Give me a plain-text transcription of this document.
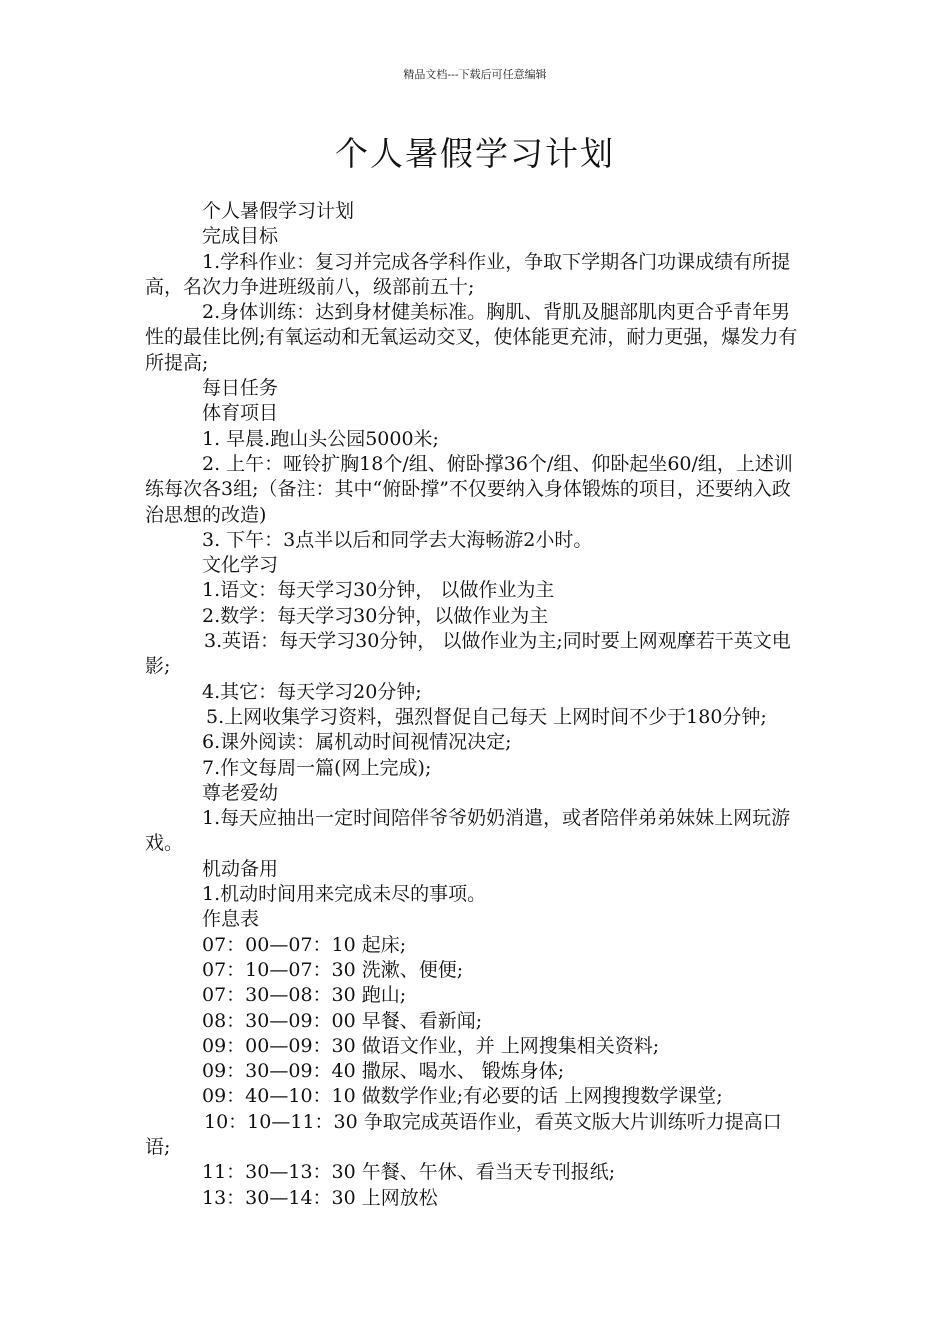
精品文档---下载后可任意编辑
个人暑假学习计划

个人暑假学习计划

完成目标

1.学科作业：复习并完成各学科作业，争取下学期各门功课成绩有所提高，名次力争进班级前八，级部前五十;

2.身体训练：达到身材健美标准。胸肌、背肌及腿部肌肉更合乎青年男性的最佳比例;有氧运动和无氧运动交叉，使体能更充沛，耐力更强，爆发力有所提高;

每日任务

体育项目

1. 早晨.跑山头公园5000米;

2. 上午：哑铃扩胸18个/组、俯卧撑36个/组、仰卧起坐60/组，上述训练每次各3组;（备注：其中“俯卧撑”不仅要纳入身体锻炼的项目，还要纳入政治思想的改造)

3. 下午：3点半以后和同学去大海畅游2小时。

文化学习

1.语文：每天学习30分钟， 以做作业为主

2.数学：每天学习30分钟，以做作业为主

3.英语：每天学习30分钟， 以做作业为主;同时要上网观摩若干英文电影;

4.其它：每天学习20分钟;

5.上网收集学习资料，强烈督促自己每天 上网时间不少于180分钟;

6.课外阅读：属机动时间视情况决定;

7.作文每周一篇(网上完成);

尊老爱幼

1.每天应抽出一定时间陪伴爷爷奶奶消遣，或者陪伴弟弟妹妹上网玩游戏。

机动备用

1.机动时间用来完成未尽的事项。

作息表

07：00—07：10 起床;

07：10—07：30 洗漱、便便;

07：30—08：30 跑山;

08：30—09：00 早餐、看新闻;

09：00—09：30 做语文作业，并 上网搜集相关资料;

09：30—09：40 撒尿、喝水、 锻炼身体;

09：40—10：10 做数学作业;有必要的话 上网搜搜数学课堂;

10：10—11：30 争取完成英语作业，看英文版大片训练听力提高口语;

11：30—13：30 午餐、午休、看当天专刊报纸;

13：30—14：30 上网放松
